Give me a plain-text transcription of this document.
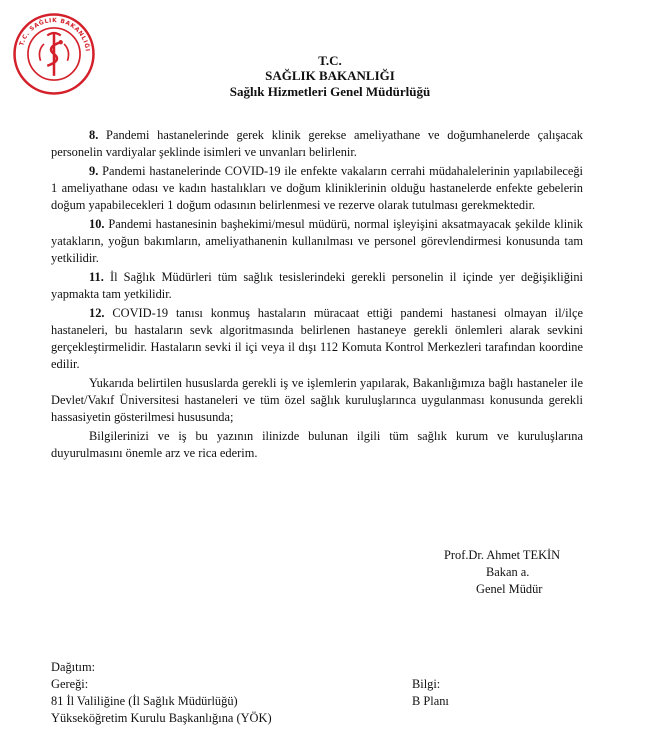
T.C. SAĞLIK BAKANLIĞI
T.C.
SAĞLIK BAKANLIĞI
Sağlık Hizmetleri Genel Müdürlüğü

8. Pandemi hastanelerinde gerek klinik gerekse ameliyathane ve doğumhanelerde çalışacak personelin vardiyalar şeklinde isimleri ve unvanları belirlenir.

9. Pandemi hastanelerinde COVID-19 ile enfekte vakaların cerrahi müdahalelerinin yapılabileceği 1 ameliyathane odası ve kadın hastalıkları ve doğum kliniklerinin olduğu hastanelerde enfekte gebelerin doğum yapabilecekleri 1 doğum odasının belirlenmesi ve rezerve olarak tutulması gerekmektedir.

10. Pandemi hastanesinin başhekimi/mesul müdürü, normal işleyişini aksatmayacak şekilde klinik yatakların, yoğun bakımların, ameliyathanenin kullanılması ve personel görevlendirmesi konusunda tam yetkilidir.

11. İl Sağlık Müdürleri tüm sağlık tesislerindeki gerekli personelin il içinde yer değişikliğini yapmakta tam yetkilidir.

12. COVID-19 tanısı konmuş hastaların müracaat ettiği pandemi hastanesi olmayan il/ilçe hastaneleri, bu hastaların sevk algoritmasında belirlenen hastaneye gerekli önlemleri alarak sevkini gerçekleştirmelidir. Hastaların sevki il içi veya il dışı 112 Komuta Kontrol Merkezleri tarafından koordine edilir.

Yukarıda belirtilen hususlarda gerekli iş ve işlemlerin yapılarak, Bakanlığımıza bağlı hastaneler ile Devlet/Vakıf Üniversitesi hastaneleri ve tüm özel sağlık kuruluşlarınca uygulanması konusunda gerekli hassasiyetin gösterilmesi hususunda;

Bilgilerinizi ve iş bu yazının ilinizde bulunan ilgili tüm sağlık kurum ve kuruluşlarına duyurulmasını önemle arz ve rica ederim.

Prof.Dr. Ahmet TEKİN
Bakan a.
Genel Müdür
Dağıtım:
Gereği:
81 İl Valiliğine (İl Sağlık Müdürlüğü)
Yükseköğretim Kurulu Başkanlığına (YÖK)
Bilgi:
B Planı
